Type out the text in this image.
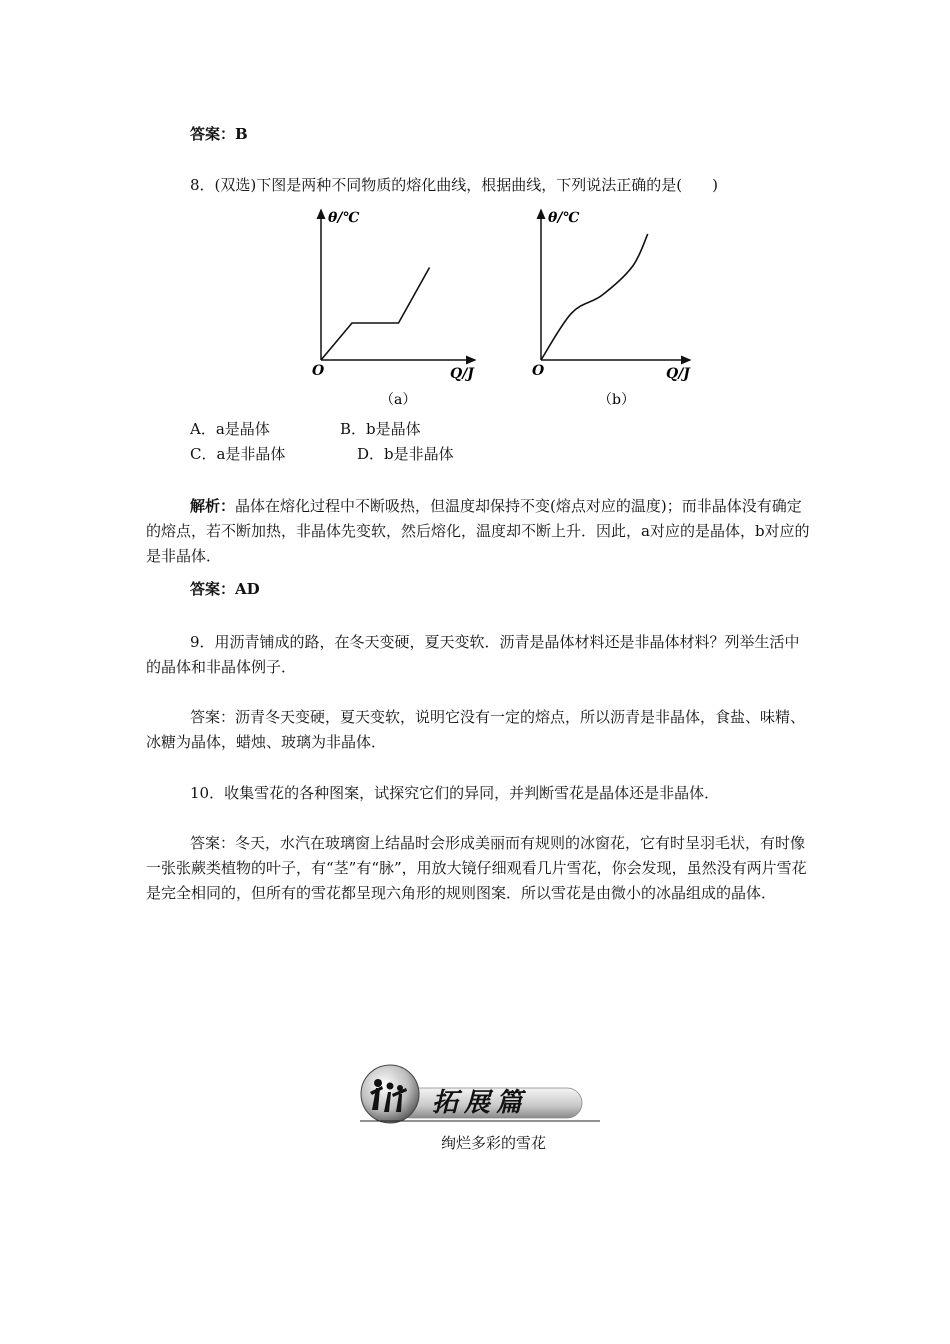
答案：B
8．(双选)下图是两种不同物质的熔化曲线，根据曲线，下列说法正确的是(　　)
θ/℃
Q/J
O
（a）
θ/℃
Q/J
O
（b）
A．a是晶体	B．b是晶体
C．a是非晶体	D．b是非晶体

解析：晶体在熔化过程中不断吸热，但温度却保持不变(熔点对应的温度)；而非晶体没有确定的熔点，若不断加热，非晶体先变软，然后熔化，温度却不断上升．因此，a对应的是晶体，b对应的是非晶体．

答案：AD

9．用沥青铺成的路，在冬天变硬，夏天变软．沥青是晶体材料还是非晶体材料？列举生活中的晶体和非晶体例子．

答案：沥青冬天变硬，夏天变软，说明它没有一定的熔点，所以沥青是非晶体，食盐、味精、冰糖为晶体，蜡烛、玻璃为非晶体．

10．收集雪花的各种图案，试探究它们的异同，并判断雪花是晶体还是非晶体．

答案：冬天，水汽在玻璃窗上结晶时会形成美丽而有规则的冰窗花，它有时呈羽毛状，有时像一张张蕨类植物的叶子，有“茎”有“脉”，用放大镜仔细观看几片雪花，你会发现，虽然没有两片雪花是完全相同的，但所有的雪花都呈现六角形的规则图案．所以雪花是由微小的冰晶组成的晶体．

拓展篇
绚烂多彩的雪花
